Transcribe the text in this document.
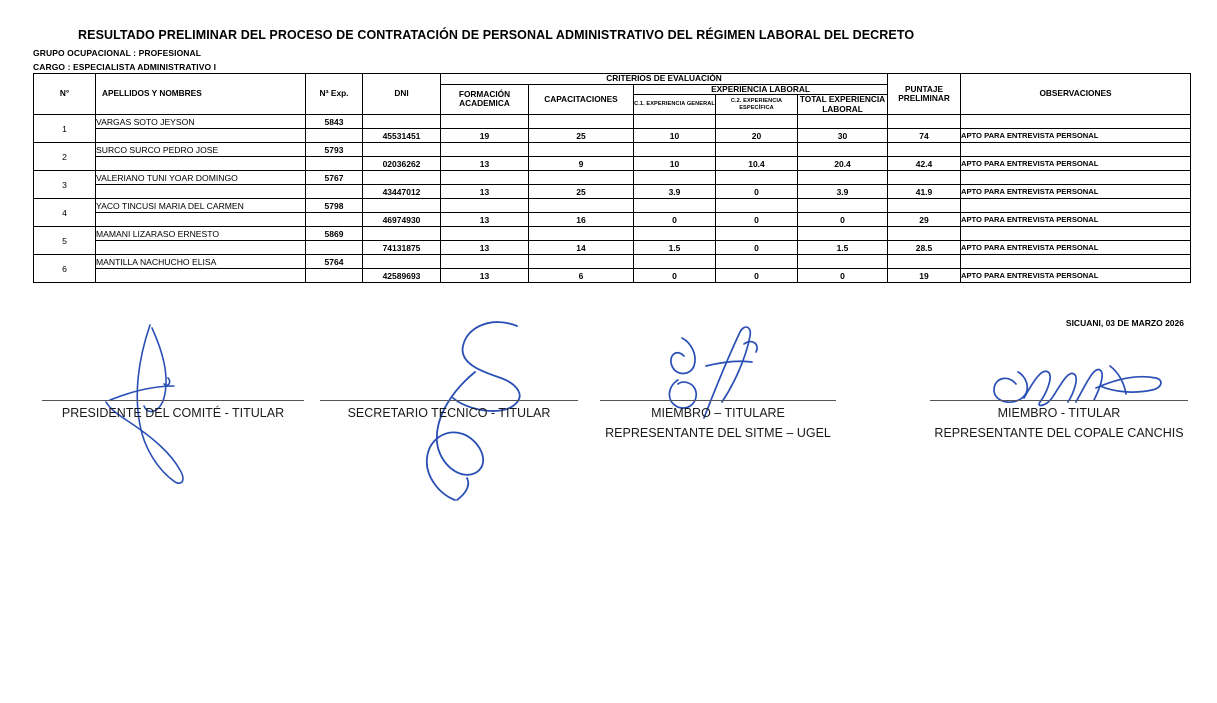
RESULTADO PRELIMINAR DEL PROCESO DE CONTRATACIÓN DE PERSONAL ADMINISTRATIVO DEL RÉGIMEN LABORAL DEL DECRETO
GRUPO OCUPACIONAL : PROFESIONAL
CARGO : ESPECIALISTA ADMINISTRATIVO I
N°	APELLIDOS Y NOMBRES	Nª Exp.	DNI	CRITERIOS DE EVALUACIÓN					PUNTAJE PRELIMINAR	OBSERVACIONES
				FORMACIÓN ACADEMICA	CAPACITACIONES	EXPERIENCIA LABORAL				
						C.1. EXPERIENCIA GENERAL	C.2. EXPERIENCIA ESPECÍFICA	TOTAL EXPERIENCIA LABORAL		
1	VARGAS SOTO JEYSON	5843								
			45531451	19	25	10	20	30	74	APTO PARA ENTREVISTA PERSONAL
2	SURCO SURCO PEDRO JOSE	5793								
			02036262	13	9	10	10.4	20.4	42.4	APTO PARA ENTREVISTA PERSONAL
3	VALERIANO TUNI YOAR DOMINGO	5767								
			43447012	13	25	3.9	0	3.9	41.9	APTO PARA ENTREVISTA PERSONAL
4	YACO TINCUSI MARIA DEL CARMEN	5798								
			46974930	13	16	0	0	0	29	APTO PARA ENTREVISTA PERSONAL
5	MAMANI LIZARASO ERNESTO	5869								
			74131875	13	14	1.5	0	1.5	28.5	APTO PARA ENTREVISTA PERSONAL
6	MANTILLA NACHUCHO ELISA	5764								
			42589693	13	6	0	0	0	19	APTO PARA ENTREVISTA PERSONAL
SICUANI, 03 DE MARZO 2026
PRESIDENTE DEL COMITÉ - TITULAR	SECRETARIO TECNICO - TITULAR	MIEMBRO – TITULARE
REPRESENTANTE DEL SITME – UGEL
MIEMBRO - TITULAR
REPRESENTANTE DEL COPALE CANCHIS
